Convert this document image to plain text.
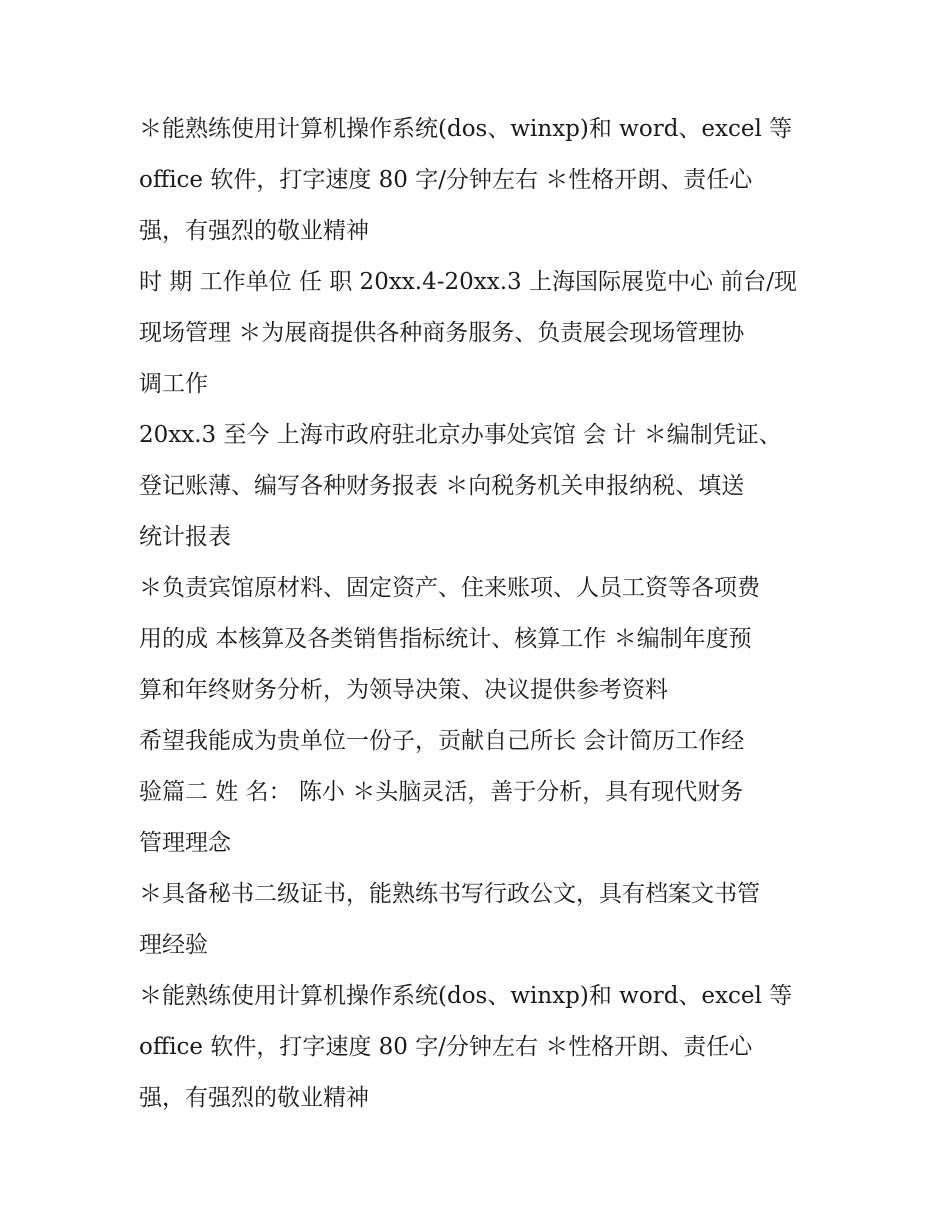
＊能熟练使用计算机操作系统(dos、winxp)和 word、excel 等

office 软件，打字速度 80 字/分钟左右 ＊性格开朗、责任心

强，有强烈的敬业精神

时 期 工作单位 任 职 20xx.4-20xx.3 上海国际展览中心 前台/现

现场管理 ＊为展商提供各种商务服务、负责展会现场管理协

调工作

20xx.3 至今 上海市政府驻北京办事处宾馆 会 计 ＊编制凭证、

登记账薄、编写各种财务报表 ＊向税务机关申报纳税、填送

统计报表

＊负责宾馆原材料、固定资产、住来账项、人员工资等各项费

用的成 本核算及各类销售指标统计、核算工作 ＊编制年度预

算和年终财务分析，为领导决策、决议提供参考资料

希望我能成为贵单位一份子，贡献自己所长 会计简历工作经

验篇二 姓 名： 陈小 ＊头脑灵活，善于分析，具有现代财务

管理理念

＊具备秘书二级证书，能熟练书写行政公文，具有档案文书管

理经验

＊能熟练使用计算机操作系统(dos、winxp)和 word、excel 等

office 软件，打字速度 80 字/分钟左右 ＊性格开朗、责任心

强，有强烈的敬业精神
